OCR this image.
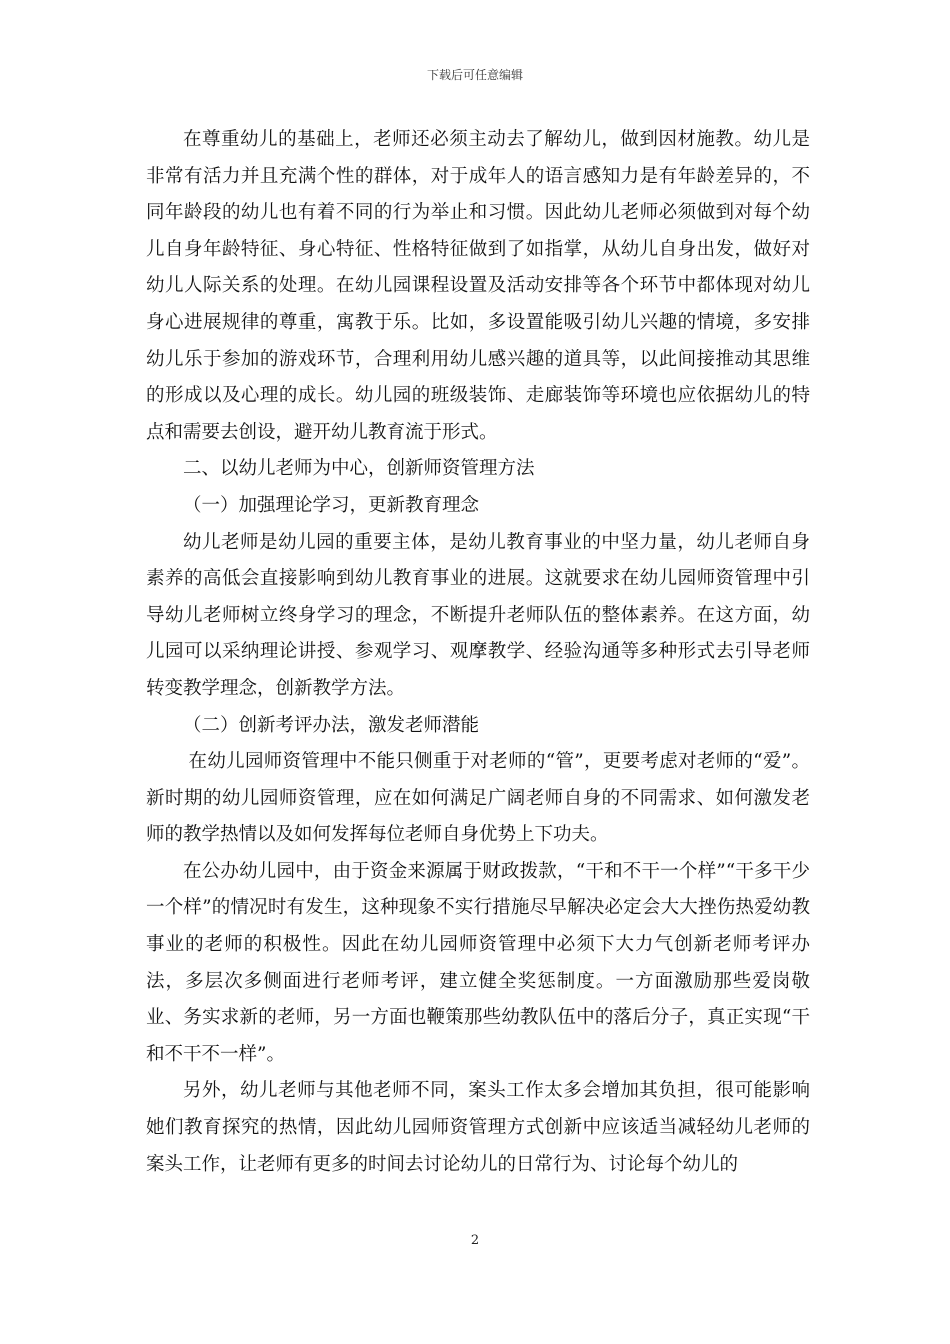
下载后可任意编辑

在尊重幼儿的基础上，老师还必须主动去了解幼儿，做到因材施教。幼儿是非常有活力并且充满个性的群体，对于成年人的语言感知力是有年龄差异的，不同年龄段的幼儿也有着不同的行为举止和习惯。因此幼儿老师必须做到对每个幼儿自身年龄特征、身心特征、性格特征做到了如指掌，从幼儿自身出发，做好对幼儿人际关系的处理。在幼儿园课程设置及活动安排等各个环节中都体现对幼儿身心进展规律的尊重，寓教于乐。比如，多设置能吸引幼儿兴趣的情境，多安排幼儿乐于参加的游戏环节，合理利用幼儿感兴趣的道具等，以此间接推动其思维的形成以及心理的成长。幼儿园的班级装饰、走廊装饰等环境也应依据幼儿的特点和需要去创设，避开幼儿教育流于形式。

二、以幼儿老师为中心，创新师资管理方法

（一）加强理论学习，更新教育理念

幼儿老师是幼儿园的重要主体，是幼儿教育事业的中坚力量，幼儿老师自身素养的高低会直接影响到幼儿教育事业的进展。这就要求在幼儿园师资管理中引导幼儿老师树立终身学习的理念，不断提升老师队伍的整体素养。在这方面，幼儿园可以采纳理论讲授、参观学习、观摩教学、经验沟通等多种形式去引导老师转变教学理念，创新教学方法。

（二）创新考评办法，激发老师潜能

在幼儿园师资管理中不能只侧重于对老师的“管”，更要考虑对老师的“爱”。新时期的幼儿园师资管理，应在如何满足广阔老师自身的不同需求、如何激发老师的教学热情以及如何发挥每位老师自身优势上下功夫。

在公办幼儿园中，由于资金来源属于财政拨款，“干和不干一个样”“干多干少一个样”的情况时有发生，这种现象不实行措施尽早解决必定会大大挫伤热爱幼教事业的老师的积极性。因此在幼儿园师资管理中必须下大力气创新老师考评办法，多层次多侧面进行老师考评，建立健全奖惩制度。一方面激励那些爱岗敬业、务实求新的老师，另一方面也鞭策那些幼教队伍中的落后分子，真正实现“干和不干不一样”。

另外，幼儿老师与其他老师不同，案头工作太多会增加其负担，很可能影响她们教育探究的热情，因此幼儿园师资管理方式创新中应该适当减轻幼儿老师的案头工作，让老师有更多的时间去讨论幼儿的日常行为、讨论每个幼儿的

2
